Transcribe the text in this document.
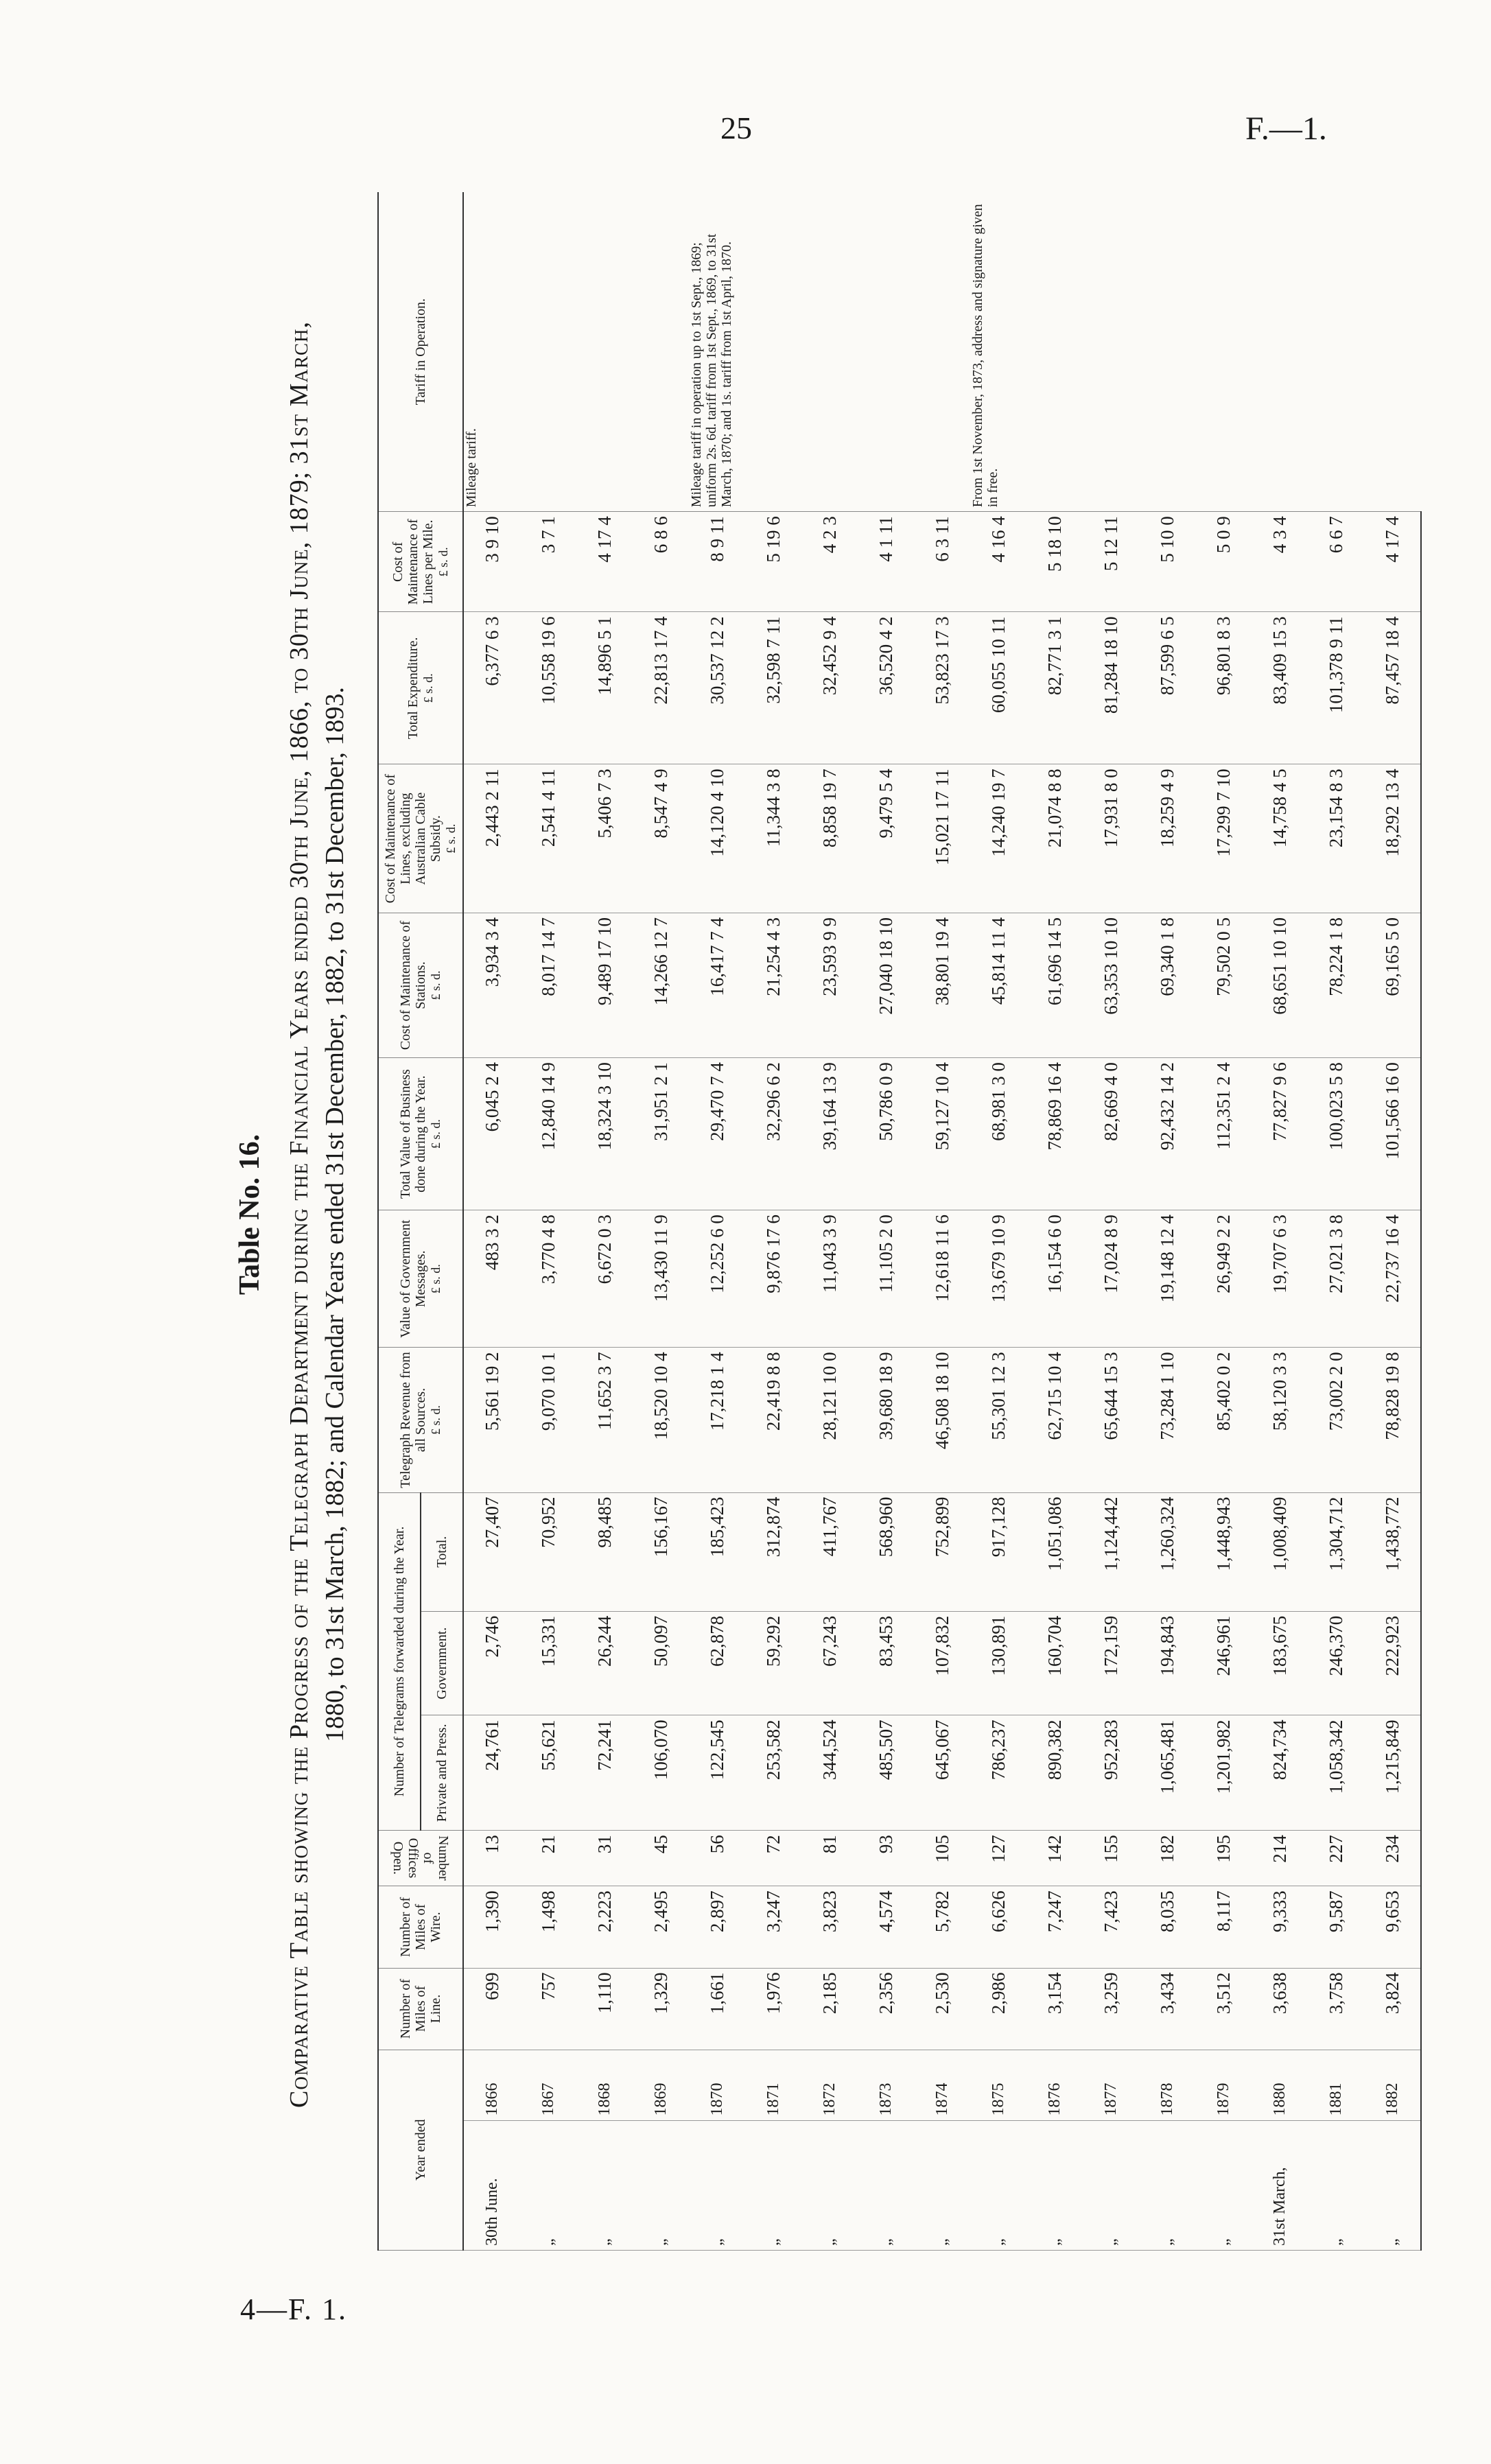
25	F.—1.
4—F. 1.
Table No. 16. Comparative Table showing the Progress of the Telegraph Department during the Financial Years ended 30th June, 1866, to 30th June, 1879; 31st March, 1880, to 31st March, 1882; and Calendar Years ended 31st December, 1882, to 31st December, 1893.
Year ended		Number of Miles of Line.	Number of Miles of Wire.	Number of Offices Open.	Number of Telegrams forwarded during the Year.			Telegraph Revenue from all Sources. £ s. d.	Value of Government Messages. £ s. d.	Total Value of Business done during the Year. £ s. d.	Cost of Maintenance of Stations. £ s. d.	Cost of Maintenance of Lines, excluding Australian Cable Subsidy. £ s. d.	Total Expenditure. £ s. d.	Cost of Maintenance of Lines per Mile. £ s. d.	Tariff in Operation.
					Private and Press.	Government.	Total.								
30th June.	1866	699	1,390	13	24,761	2,746	27,407	5,561 19 2	483 3 2	6,045 2 4	3,934 3 4	2,443 2 11	6,377 6 3	3 9 10	Mileage tariff.
„	1867	757	1,498	21	55,621	15,331	70,952	9,070 10 1	3,770 4 8	12,840 14 9	8,017 14 7	2,541 4 11	10,558 19 6	3 7 1	
„	1868	1,110	2,223	31	72,241	26,244	98,485	11,652 3 7	6,672 0 3	18,324 3 10	9,489 17 10	5,406 7 3	14,896 5 1	4 17 4	
„	1869	1,329	2,495	45	106,070	50,097	156,167	18,520 10 4	13,430 11 9	31,951 2 1	14,266 12 7	8,547 4 9	22,813 17 4	6 8 6	
„	1870	1,661	2,897	56	122,545	62,878	185,423	17,218 1 4	12,252 6 0	29,470 7 4	16,417 7 4	14,120 4 10	30,537 12 2	8 9 11	Mileage tariff in operation up to 1st Sept., 1869; uniform 2s. 6d. tariff from 1st Sept., 1869, to 31st March, 1870; and 1s. tariff from 1st April, 1870.
„	1871	1,976	3,247	72	253,582	59,292	312,874	22,419 8 8	9,876 17 6	32,296 6 2	21,254 4 3	11,344 3 8	32,598 7 11	5 19 6	
„	1872	2,185	3,823	81	344,524	67,243	411,767	28,121 10 0	11,043 3 9	39,164 13 9	23,593 9 9	8,858 19 7	32,452 9 4	4 2 3	
„	1873	2,356	4,574	93	485,507	83,453	568,960	39,680 18 9	11,105 2 0	50,786 0 9	27,040 18 10	9,479 5 4	36,520 4 2	4 1 11	
„	1874	2,530	5,782	105	645,067	107,832	752,899	46,508 18 10	12,618 11 6	59,127 10 4	38,801 19 4	15,021 17 11	53,823 17 3	6 3 11	
„	1875	2,986	6,626	127	786,237	130,891	917,128	55,301 12 3	13,679 10 9	68,981 3 0	45,814 11 4	14,240 19 7	60,055 10 11	4 16 4	From 1st November, 1873, address and signature given in free.
„	1876	3,154	7,247	142	890,382	160,704	1,051,086	62,715 10 4	16,154 6 0	78,869 16 4	61,696 14 5	21,074 8 8	82,771 3 1	5 18 10	
„	1877	3,259	7,423	155	952,283	172,159	1,124,442	65,644 15 3	17,024 8 9	82,669 4 0	63,353 10 10	17,931 8 0	81,284 18 10	5 12 11	
„	1878	3,434	8,035	182	1,065,481	194,843	1,260,324	73,284 1 10	19,148 12 4	92,432 14 2	69,340 1 8	18,259 4 9	87,599 6 5	5 10 0	
„	1879	3,512	8,117	195	1,201,982	246,961	1,448,943	85,402 0 2	26,949 2 2	112,351 2 4	79,502 0 5	17,299 7 10	96,801 8 3	5 0 9	
31st March,	1880	3,638	9,333	214	824,734	183,675	1,008,409	58,120 3 3	19,707 6 3	77,827 9 6	68,651 10 10	14,758 4 5	83,409 15 3	4 3 4	
„	1881	3,758	9,587	227	1,058,342	246,370	1,304,712	73,002 2 0	27,021 3 8	100,023 5 8	78,224 1 8	23,154 8 3	101,378 9 11	6 6 7	
„	1882	3,824	9,653	234	1,215,849	222,923	1,438,772	78,828 19 8	22,737 16 4	101,566 16 0	69,165 5 0	18,292 13 4	87,457 18 4	4 17 4	
